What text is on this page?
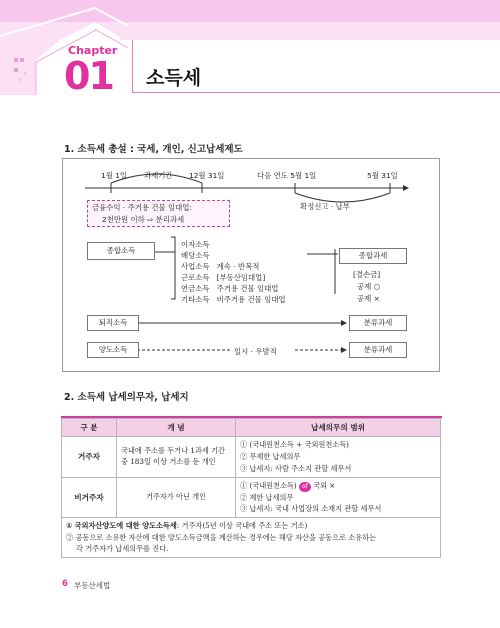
Chapter
01 소득세
1. 소득세 총설 : 국세, 개인, 신고납세제도
1월 1일 과세기간 12월 31일	다음 연도 5월 1일	5월 31일
확정신고 · 납부
금융수익 · 주거용 건물 임대업:
2천만원 이하 ⇨ 분리과세
종합소득
이자소득
배당소득
사업소득   계속 · 반복적
근로소득   [부동산임대업]
연금소득   주거용 건물 임대업
기타소득   비주거용 건물 임대업
종합과세
[결손금]
공제 ○
공제 ×
퇴직소득	분류과세
양도소득	일시 · 우발적	분류과세
2. 소득세 납세의무자, 납세지
구 분	개 념	납세의무의 범위
거주자	국내에 주소를 두거나 1과세 기간 중 183일 이상 거소를 둔 개인	① (국내원천소득 + 국외원천소득)
② 무제한 납세의무
③ 납세지: 사람 주소지 관할 세무서

비거주자	거주자가 아닌 개인	① (국내원천소득) of 국외 ×
② 제한 납세의무
③ 납세지: 국내 사업장의 소재지 관할 세무서

① 국외자산양도에 대한 양도소득세: 거주자(5년 이상 국내에 주소 또는 거소)
② 공동으로 소유한 자산에 대한 양도소득금액을 계산하는 경우에는 해당 자산을 공동으로 소유하는
각 거주자가 납세의무를 진다.		
6 부동산세법
